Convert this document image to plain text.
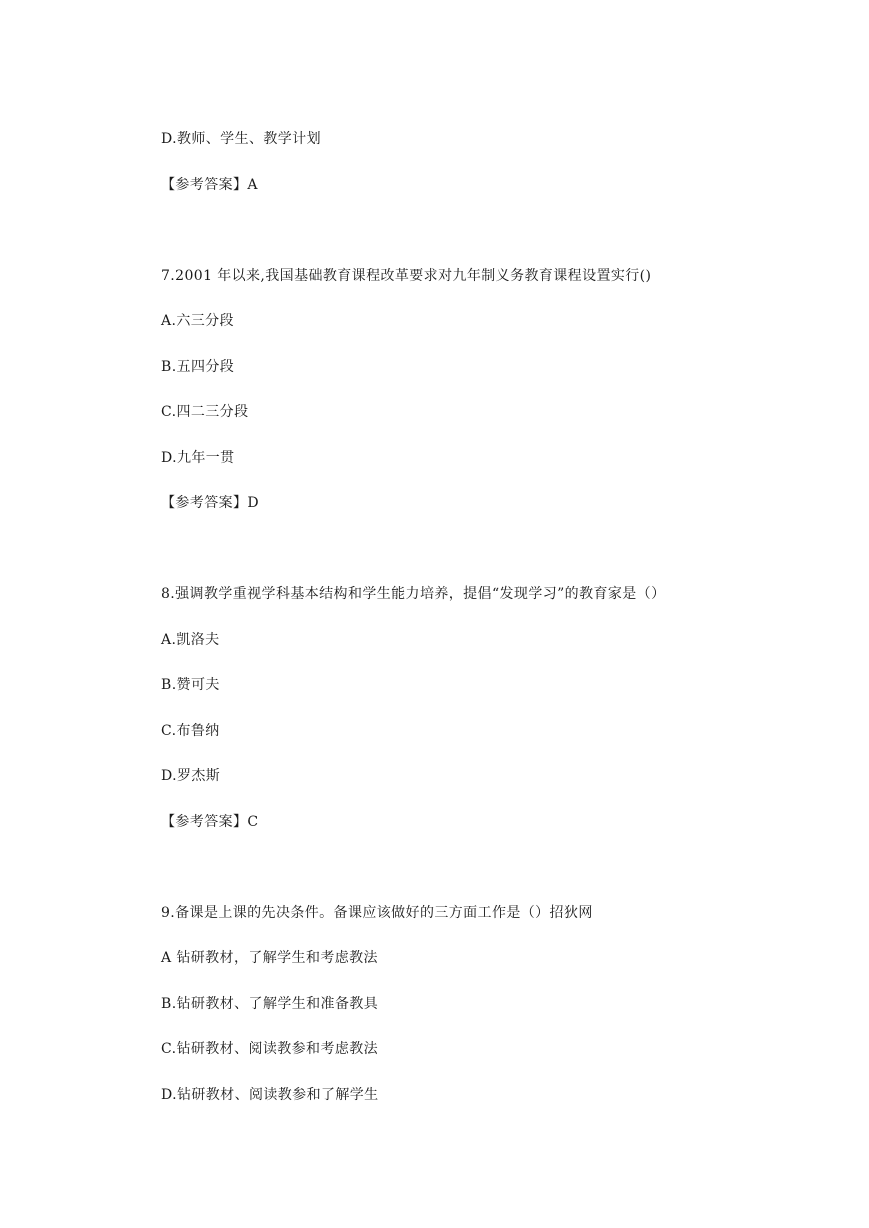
D.教师、学生、教学计划
【参考答案】A
7.2001 年以来,我国基础教育课程改革要求对九年制义务教育课程设置实行()
A.六三分段
B.五四分段
C.四二三分段
D.九年一贯
【参考答案】D
8.强调教学重视学科基本结构和学生能力培养，提倡“发现学习”的教育家是（）
A.凯洛夫
B.赞可夫
C.布鲁纳
D.罗杰斯
【参考答案】C
9.备课是上课的先决条件。备课应该做好的三方面工作是（）招狄网
A 钻研教材，了解学生和考虑教法
B.钻研教材、了解学生和准备教具
C.钻研教材、阅读教参和考虑教法
D.钻研教材、阅读教参和了解学生
